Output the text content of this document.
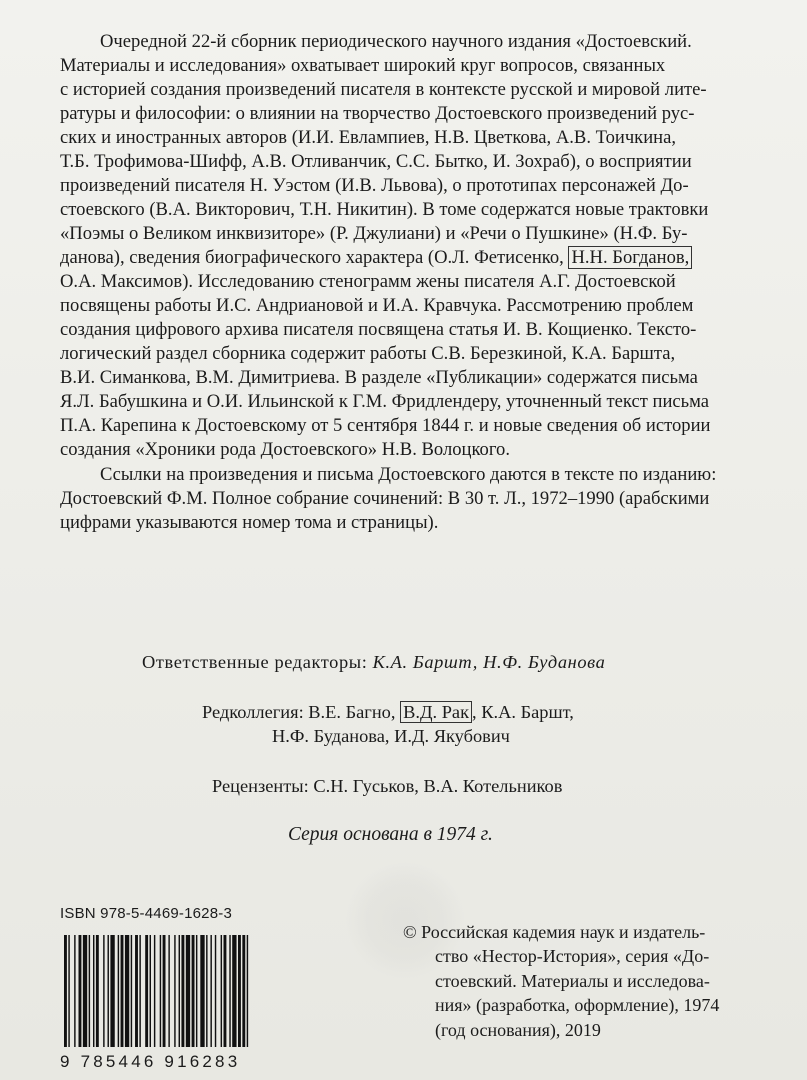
Очередной 22-й сборник периодического научного издания «Достоевский.
Материалы и исследования» охватывает широкий круг вопросов, связанных
с историей создания произведений писателя в контексте русской и мировой лите-
ратуры и философии: о влиянии на творчество Достоевского произведений рус-
ских и иностранных авторов (И.И. Евлампиев, Н.В. Цветкова, А.В. Тоичкина,
Т.Б. Трофимова-Шифф, А.В. Отливанчик, С.С. Бытко, И. Зохраб), о восприятии
произведений писателя Н. Уэстом (И.В. Львова), о прототипах персонажей До-
стоевского (В.А. Викторович, Т.Н. Никитин). В томе содержатся новые трактовки
«Поэмы о Великом инквизиторе» (Р. Джулиани) и «Речи о Пушкине» (Н.Ф. Бу-
данова), сведения биографического характера (О.Л. Фетисенко, Н.Н. Богданов,
О.А. Максимов). Исследованию стенограмм жены писателя А.Г. Достоевской
посвящены работы И.С. Андриановой и И.А. Кравчука. Рассмотрению проблем
создания цифрового архива писателя посвящена статья И. В. Кощиенко. Тексто-
логический раздел сборника содержит работы С.В. Березкиной, К.А. Баршта,
В.И. Симанкова, В.М. Димитриева. В разделе «Публикации» содержатся письма
Я.Л. Бабушкина и О.И. Ильинской к Г.М. Фридлендеру, уточненный текст письма
П.А. Карепина к Достоевскому от 5 сентября 1844 г. и новые сведения об истории
создания «Хроники рода Достоевского» Н.В. Волоцкого.
Ссылки на произведения и письма Достоевского даются в тексте по изданию:
Достоевский Ф.М. Полное собрание сочинений: В 30 т. Л., 1972–1990 (арабскими
цифрами указываются номер тома и страницы).
Ответственные редакторы: К.А. Баршт, Н.Ф. Буданова
Редколлегия: В.Е. Багно, В.Д. Рак , К.А. Баршт,
Н.Ф. Буданова, И.Д. Якубович
Рецензенты: С.Н. Гуськов, В.А. Котельников
Серия основана в 1974 г.
ISBN 978-5-4469-1628-3
9 785446 916283
© Российская кадемия наук и издатель-
ство «Нестор-История», серия «До-
стоевский. Материалы и исследова-
ния» (разработка, оформление), 1974
(год основания), 2019
